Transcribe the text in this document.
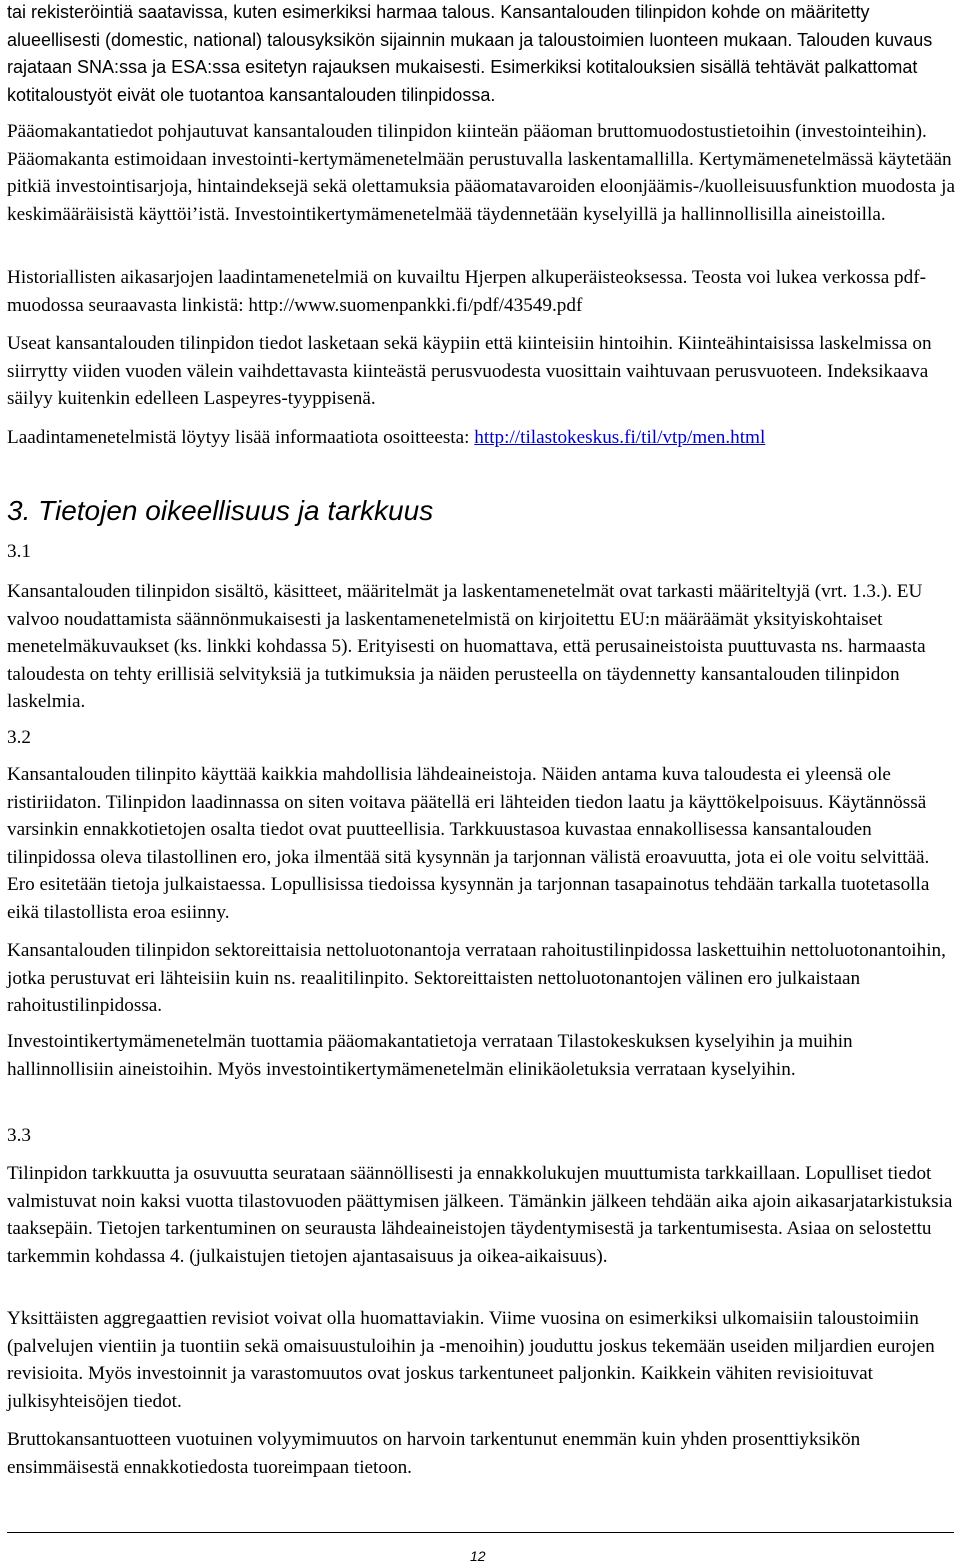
tai rekisteröintiä saatavissa, kuten esimerkiksi harmaa talous. Kansantalouden tilinpidon kohde on määritetty alueellisesti (domestic, national) talousyksikön sijainnin mukaan ja taloustoimien luonteen mukaan. Talouden kuvaus rajataan SNA:ssa ja ESA:ssa esitetyn rajauksen mukaisesti. Esimerkiksi kotitalouksien sisällä tehtävät palkattomat kotitaloustyöt eivät ole tuotantoa kansantalouden tilinpidossa.

Pääomakantatiedot pohjautuvat kansantalouden tilinpidon kiinteän pääoman bruttomuodostustietoihin (investointeihin). Pääomakanta estimoidaan investointi-kertymämenetelmään perustuvalla laskentamallilla. Kertymämenetelmässä käytetään pitkiä investointisarjoja, hintaindeksejä sekä olettamuksia pääomatavaroiden eloonjäämis-/kuolleisuusfunktion muodosta ja keskimääräisistä käyttöi’istä. Investointikertymämenetelmää täydennetään kyselyillä ja hallinnollisilla aineistoilla.

Historiallisten aikasarjojen laadintamenetelmiä on kuvailtu Hjerpen alkuperäisteoksessa. Teosta voi lukea verkossa pdf-muodossa seuraavasta linkistä: http://www.suomenpankki.fi/pdf/43549.pdf

Useat kansantalouden tilinpidon tiedot lasketaan sekä käypiin että kiinteisiin hintoihin. Kiinteähintaisissa laskelmissa on siirrytty viiden vuoden välein vaihdettavasta kiinteästä perusvuodesta vuosittain vaihtuvaan perusvuoteen. Indeksikaava säilyy kuitenkin edelleen Laspeyres-tyyppisenä.

Laadintamenetelmistä löytyy lisää informaatiota osoitteesta: http://tilastokeskus.fi/til/vtp/men.html

3. Tietojen oikeellisuus ja tarkkuus

3.1

Kansantalouden tilinpidon sisältö, käsitteet, määritelmät ja laskentamenetelmät ovat tarkasti määriteltyjä (vrt. 1.3.). EU valvoo noudattamista säännönmukaisesti ja laskentamenetelmistä on kirjoitettu EU:n määräämät yksityiskohtaiset menetelmäkuvaukset (ks. linkki kohdassa 5). Erityisesti on huomattava, että perusaineistoista puuttuvasta ns. harmaasta taloudesta on tehty erillisiä selvityksiä ja tutkimuksia ja näiden perusteella on täydennetty kansantalouden tilinpidon laskelmia.

3.2

Kansantalouden tilinpito käyttää kaikkia mahdollisia lähdeaineistoja. Näiden antama kuva taloudesta ei yleensä ole ristiriidaton. Tilinpidon laadinnassa on siten voitava päätellä eri lähteiden tiedon laatu ja käyttökelpoisuus. Käytännössä varsinkin ennakkotietojen osalta tiedot ovat puutteellisia. Tarkkuustasoa kuvastaa ennakollisessa kansantalouden tilinpidossa oleva tilastollinen ero, joka ilmentää sitä kysynnän ja tarjonnan välistä eroavuutta, jota ei ole voitu selvittää. Ero esitetään tietoja julkaistaessa. Lopullisissa tiedoissa kysynnän ja tarjonnan tasapainotus tehdään tarkalla tuotetasolla eikä tilastollista eroa esiinny.

Kansantalouden tilinpidon sektoreittaisia nettoluotonantoja verrataan rahoitustilinpidossa laskettuihin nettoluotonantoihin, jotka perustuvat eri lähteisiin kuin ns. reaalitilinpito. Sektoreittaisten nettoluotonantojen välinen ero julkaistaan rahoitustilinpidossa.

Investointikertymämenetelmän tuottamia pääomakantatietoja verrataan Tilastokeskuksen kyselyihin ja muihin hallinnollisiin aineistoihin. Myös investointikertymämenetelmän elinikäoletuksia verrataan kyselyihin.

3.3

Tilinpidon tarkkuutta ja osuvuutta seurataan säännöllisesti ja ennakkolukujen muuttumista tarkkaillaan. Lopulliset tiedot valmistuvat noin kaksi vuotta tilastovuoden päättymisen jälkeen. Tämänkin jälkeen tehdään aika ajoin aikasarjatarkistuksia taaksepäin. Tietojen tarkentuminen on seurausta lähdeaineistojen täydentymisestä ja tarkentumisesta. Asiaa on selostettu tarkemmin kohdassa 4. (julkaistujen tietojen ajantasaisuus ja oikea-aikaisuus).

Yksittäisten aggregaattien revisiot voivat olla huomattaviakin. Viime vuosina on esimerkiksi ulkomaisiin taloustoimiin (palvelujen vientiin ja tuontiin sekä omaisuustuloihin ja -menoihin) jouduttu joskus tekemään useiden miljardien eurojen revisioita. Myös investoinnit ja varastomuutos ovat joskus tarkentuneet paljonkin. Kaikkein vähiten revisioituvat julkisyhteisöjen tiedot.

Bruttokansantuotteen vuotuinen volyymimuutos on harvoin tarkentunut enemmän kuin yhden prosenttiyksikön ensimmäisestä ennakkotiedosta tuoreimpaan tietoon.

12
